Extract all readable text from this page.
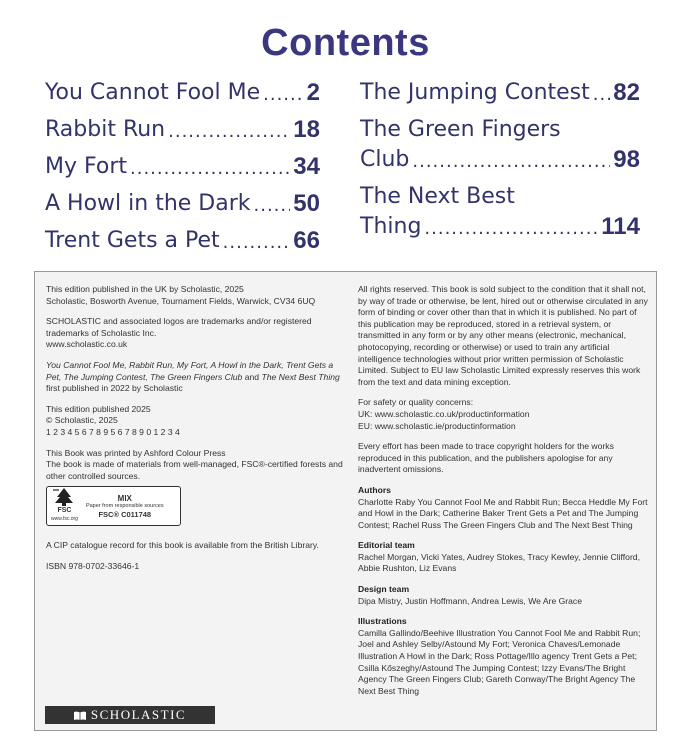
Contents
You Cannot Fool Me ..... 2
Rabbit Run .....	18
My Fort .....	34
A Howl in the Dark ..... 50
Trent Gets a Pet .....	66
The Jumping Contest ..... 82
The Green Fingers
Club .....	98
The Next Best
Thing .....	114

This edition published in the UK by Scholastic, 2025
Scholastic, Bosworth Avenue, Tournament Fields, Warwick, CV34 6UQ

SCHOLASTIC and associated logos are trademarks and/or registered trademarks of Scholastic Inc.
www.scholastic.co.uk

You Cannot Fool Me, Rabbit Run, My Fort, A Howl in the Dark, Trent Gets a Pet, The Jumping Contest, The Green Fingers Club and The Next Best Thing first published in 2022 by Scholastic

This edition published 2025
© Scholastic, 2025
1 2 3 4 5 6 7 8 9 5 6 7 8 9 0 1 2 3 4

This Book was printed by Ashford Colour Press
The book is made of materials from well-managed, FSC®-certified forests and other controlled sources.

FSC
www.fsc.org
MIX
Paper from responsible sources
FSC® C011748

A CIP catalogue record for this book is available from the British Library.

ISBN 978-0702-33646-1

All rights reserved. This book is sold subject to the condition that it shall not, by way of trade or otherwise, be lent, hired out or otherwise circulated in any form of binding or cover other than that in which it is published. No part of this publication may be reproduced, stored in a retrieval system, or transmitted in any form or by any other means (electronic, mechanical, photocopying, recording or otherwise) or used to train any artificial intelligence technologies without prior written permission of Scholastic Limited. Subject to EU law Scholastic Limited expressly reserves this work from the text and data mining exception.

For safety or quality concerns:
UK: www.scholastic.co.uk/productinformation
EU: www.scholastic.ie/productinformation

Every effort has been made to trace copyright holders for the works reproduced in this publication, and the publishers apologise for any inadvertent omissions.

Authors

Charlotte Raby You Cannot Fool Me and Rabbit Run; Becca Heddle My Fort and Howl in the Dark; Catherine Baker Trent Gets a Pet and The Jumping Contest; Rachel Russ The Green Fingers Club and The Next Best Thing

Editorial team

Rachel Morgan, Vicki Yates, Audrey Stokes, Tracy Kewley, Jennie Clifford, Abbie Rushton, Liz Evans

Design team

Dipa Mistry, Justin Hoffmann, Andrea Lewis, We Are Grace

Illustrations

Camilla Gallindo/Beehive Illustration You Cannot Fool Me and Rabbit Run; Joel and Ashley Selby/Astound My Fort; Veronica Chaves/Lemonade Illustration A Howl in the Dark; Ross Pottage/Illo agency Trent Gets a Pet; Csilla Kőszeghy/Astound The Jumping Contest; Izzy Evans/The Bright Agency The Green Fingers Club; Gareth Conway/The Bright Agency The Next Best Thing

SCHOLASTIC
